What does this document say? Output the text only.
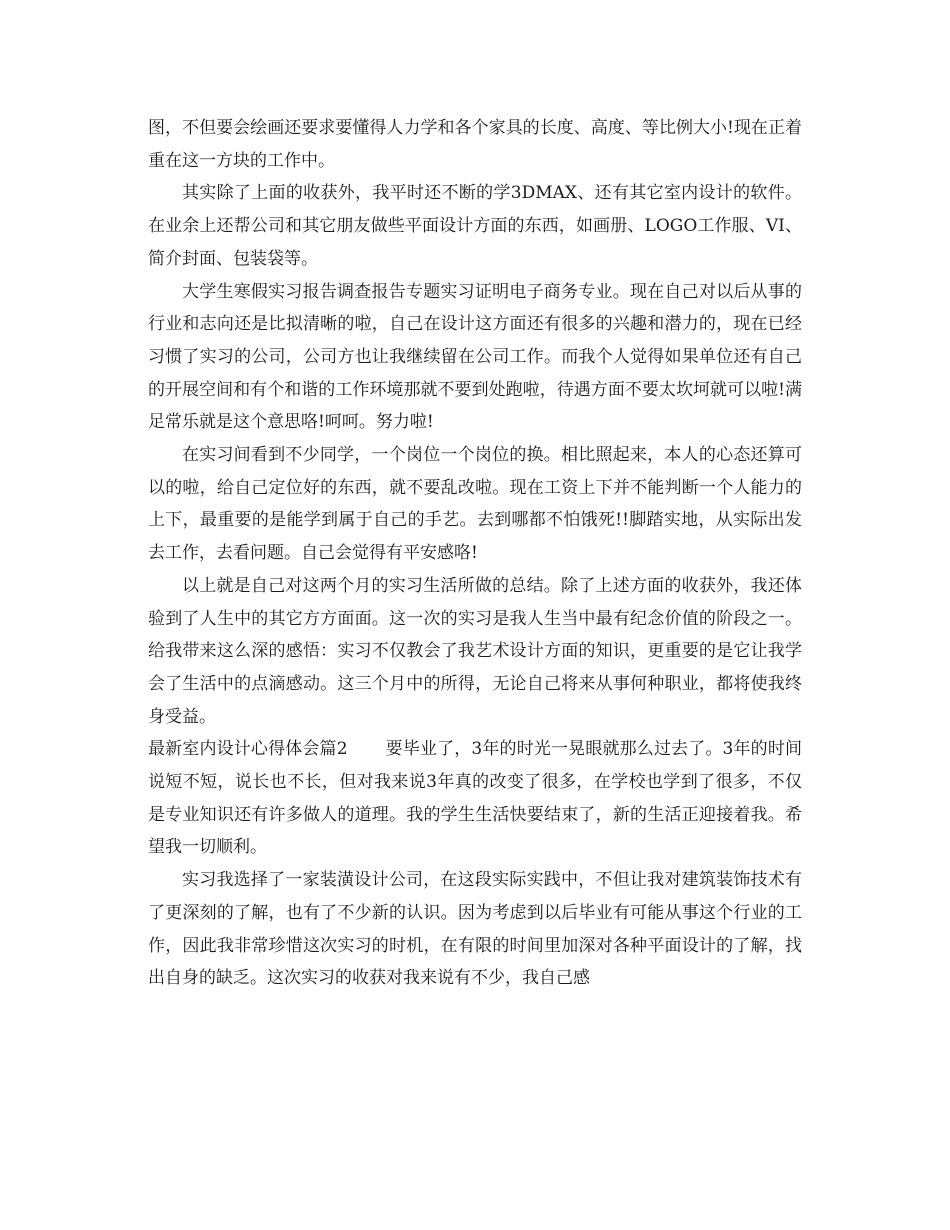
图，不但要会绘画还要求要懂得人力学和各个家具的长度、高度、等比例大小!现在正着重在这一方块的工作中。

其实除了上面的收获外，我平时还不断的学3DMAX、还有其它室内设计的软件。在业余上还帮公司和其它朋友做些平面设计方面的东西，如画册、LOGO工作服、VI、简介封面、包装袋等。

大学生寒假实习报告调查报告专题实习证明电子商务专业。现在自己对以后从事的行业和志向还是比拟清晰的啦，自己在设计这方面还有很多的兴趣和潜力的，现在已经习惯了实习的公司，公司方也让我继续留在公司工作。而我个人觉得如果单位还有自己的开展空间和有个和谐的工作环境那就不要到处跑啦，待遇方面不要太坎坷就可以啦!满足常乐就是这个意思咯!呵呵。努力啦!

在实习间看到不少同学，一个岗位一个岗位的换。相比照起来，本人的心态还算可以的啦，给自己定位好的东西，就不要乱改啦。现在工资上下并不能判断一个人能力的上下，最重要的是能学到属于自己的手艺。去到哪都不怕饿死!!脚踏实地，从实际出发去工作，去看问题。自己会觉得有平安感咯!

以上就是自己对这两个月的实习生活所做的总结。除了上述方面的收获外，我还体验到了人生中的其它方方面面。这一次的实习是我人生当中最有纪念价值的阶段之一。给我带来这么深的感悟：实习不仅教会了我艺术设计方面的知识，更重要的是它让我学会了生活中的点滴感动。这三个月中的所得，无论自己将来从事何种职业，都将使我终身受益。

最新室内设计心得体会篇2 要毕业了，3年的时光一晃眼就那么过去了。3年的时间说短不短，说长也不长，但对我来说3年真的改变了很多，在学校也学到了很多，不仅是专业知识还有许多做人的道理。我的学生生活快要结束了，新的生活正迎接着我。希望我一切顺利。

实习我选择了一家装潢设计公司，在这段实际实践中，不但让我对建筑装饰技术有了更深刻的了解，也有了不少新的认识。因为考虑到以后毕业有可能从事这个行业的工作，因此我非常珍惜这次实习的时机，在有限的时间里加深对各种平面设计的了解，找出自身的缺乏。这次实习的收获对我来说有不少，我自己感
